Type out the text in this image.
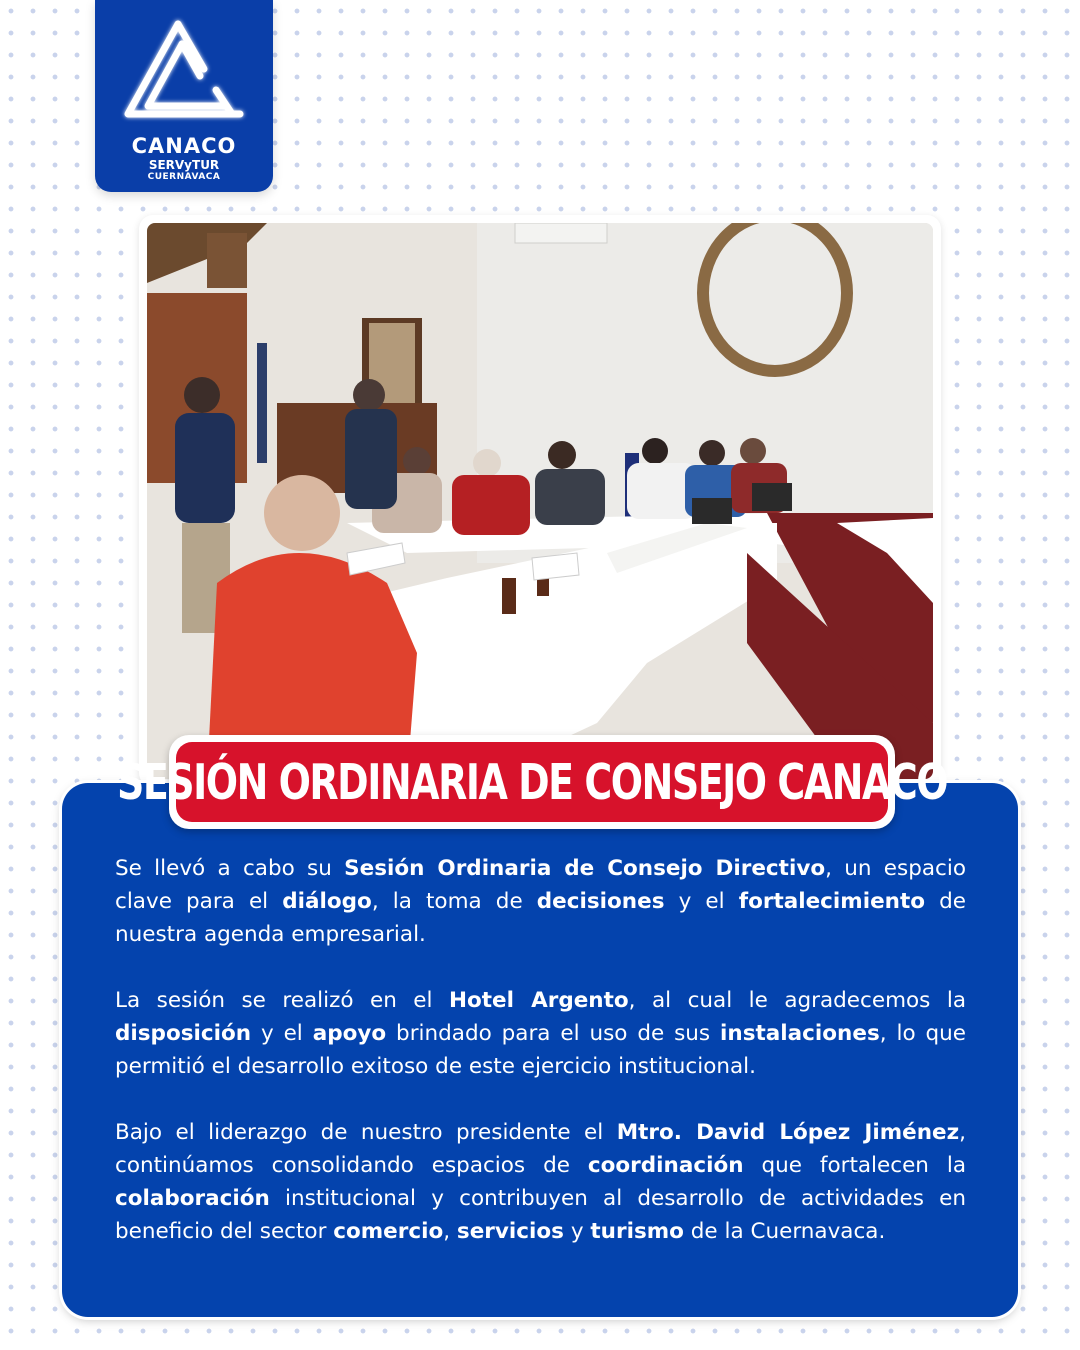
CANACO
SERVyTUR
CUERNAVACA
SESIÓN ORDINARIA DE CONSEJO CANACO

Se llevó a cabo su Sesión Ordinaria de Consejo Directivo, un espacio clave para el diálogo, la toma de decisiones y el fortalecimiento de nuestra agenda empresarial.

La sesión se realizó en el Hotel Argento, al cual le agradecemos la disposición y el apoyo brindado para el uso de sus instalaciones, lo que permitió el desarrollo exitoso de este ejercicio institucional.

Bajo el liderazgo de nuestro presidente el Mtro. David López Jiménez, continúamos consolidando espacios de coordinación que fortalecen la colaboración institucional y contribuyen al desarrollo de actividades en beneficio del sector comercio, servicios y turismo de la Cuernavaca.
